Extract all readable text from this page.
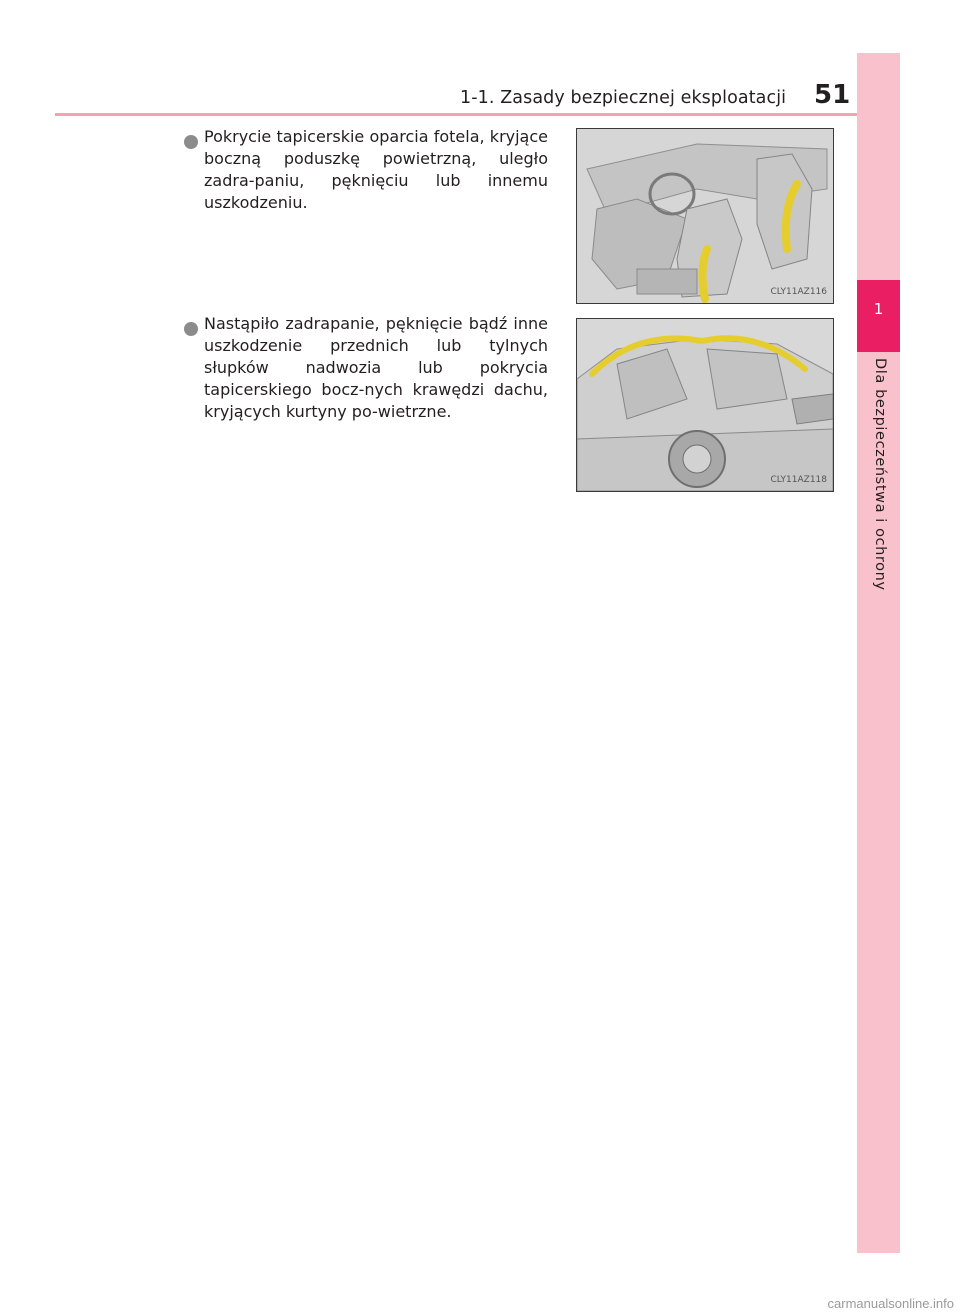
1-1. Zasady bezpiecznej eksploatacji 51
1
Dla bezpieczeństwa i ochrony

Pokrycie tapicerskie oparcia fotela, kryjące boczną poduszkę powietrzną, uległo zadra-paniu, pęknięciu lub innemu uszkodzeniu.

CLY11AZ116

Nastąpiło zadrapanie, pęknięcie bądź inne uszkodzenie przednich lub tylnych słupków nadwozia lub pokrycia tapicerskiego bocz-nych krawędzi dachu, kryjących kurtyny po-wietrzne.

CLY11AZ118
carmanualsonline.info
